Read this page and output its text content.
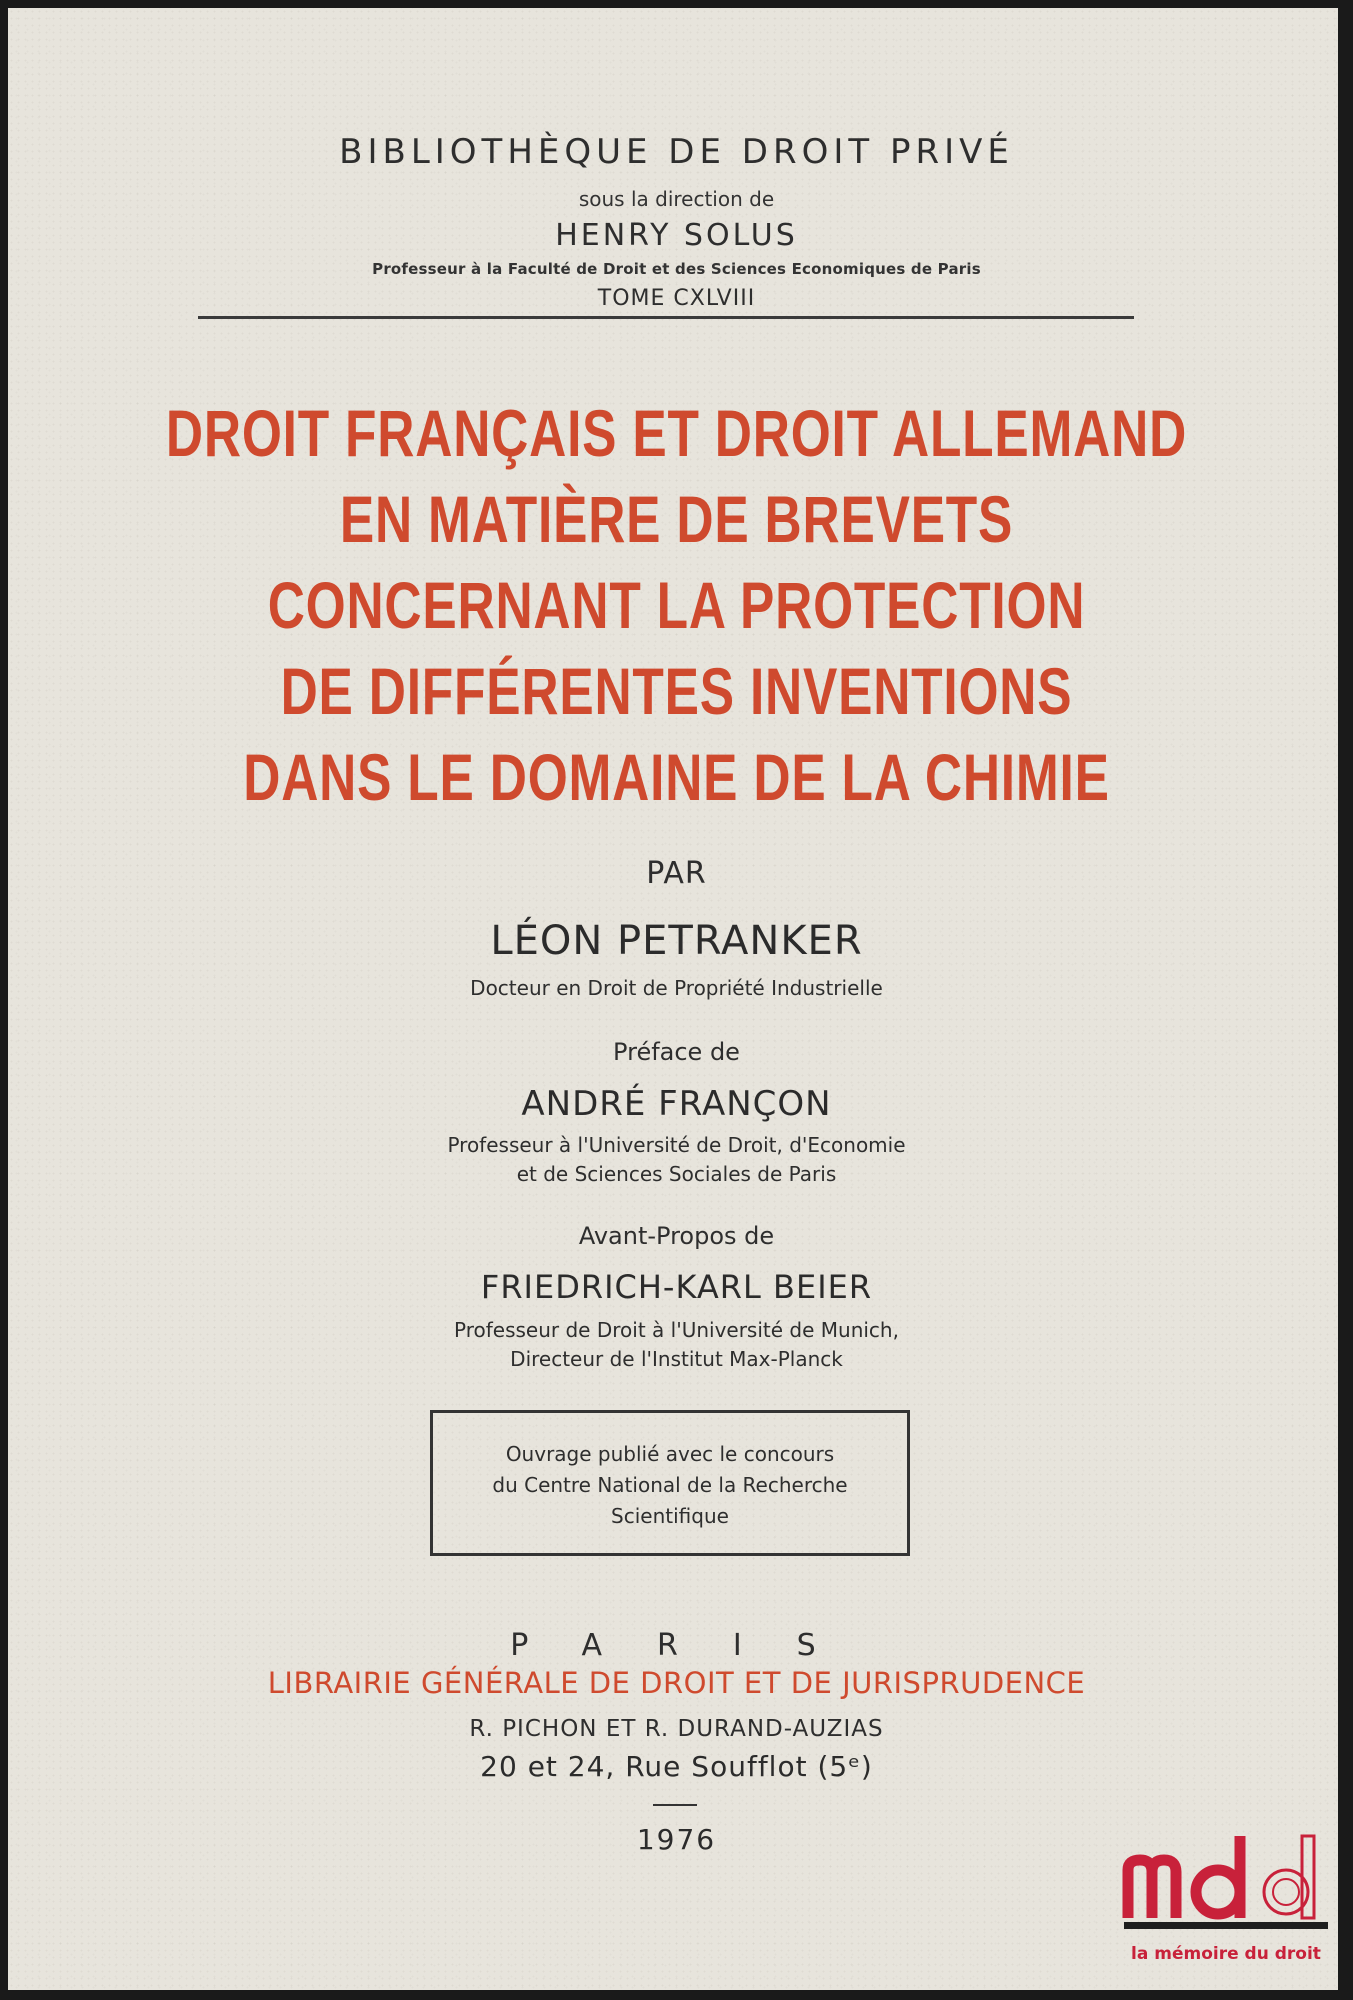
BIBLIOTHÈQUE DE DROIT PRIVÉ
sous la direction de
HENRY SOLUS
Professeur à la Faculté de Droit et des Sciences Economiques de Paris
TOME CXLVIII
DROIT FRANÇAIS ET DROIT ALLEMAND
EN MATIÈRE DE BREVETS
CONCERNANT LA PROTECTION
DE DIFFÉRENTES INVENTIONS
DANS LE DOMAINE DE LA CHIMIE
PAR
LÉON PETRANKER
Docteur en Droit de Propriété Industrielle
Préface de
ANDRÉ FRANÇON
Professeur à l'Université de Droit, d'Economie
et de Sciences Sociales de Paris
Avant-Propos de
FRIEDRICH-KARL BEIER
Professeur de Droit à l'Université de Munich,
Directeur de l'Institut Max-Planck
Ouvrage publié avec le concours
du Centre National de la Recherche
Scientifique
PARIS
LIBRAIRIE GÉNÉRALE DE DROIT ET DE JURISPRUDENCE
R. PICHON ET R. DURAND-AUZIAS
20 et 24, Rue Soufflot (5ᵉ)
1976
la mémoire du droit
